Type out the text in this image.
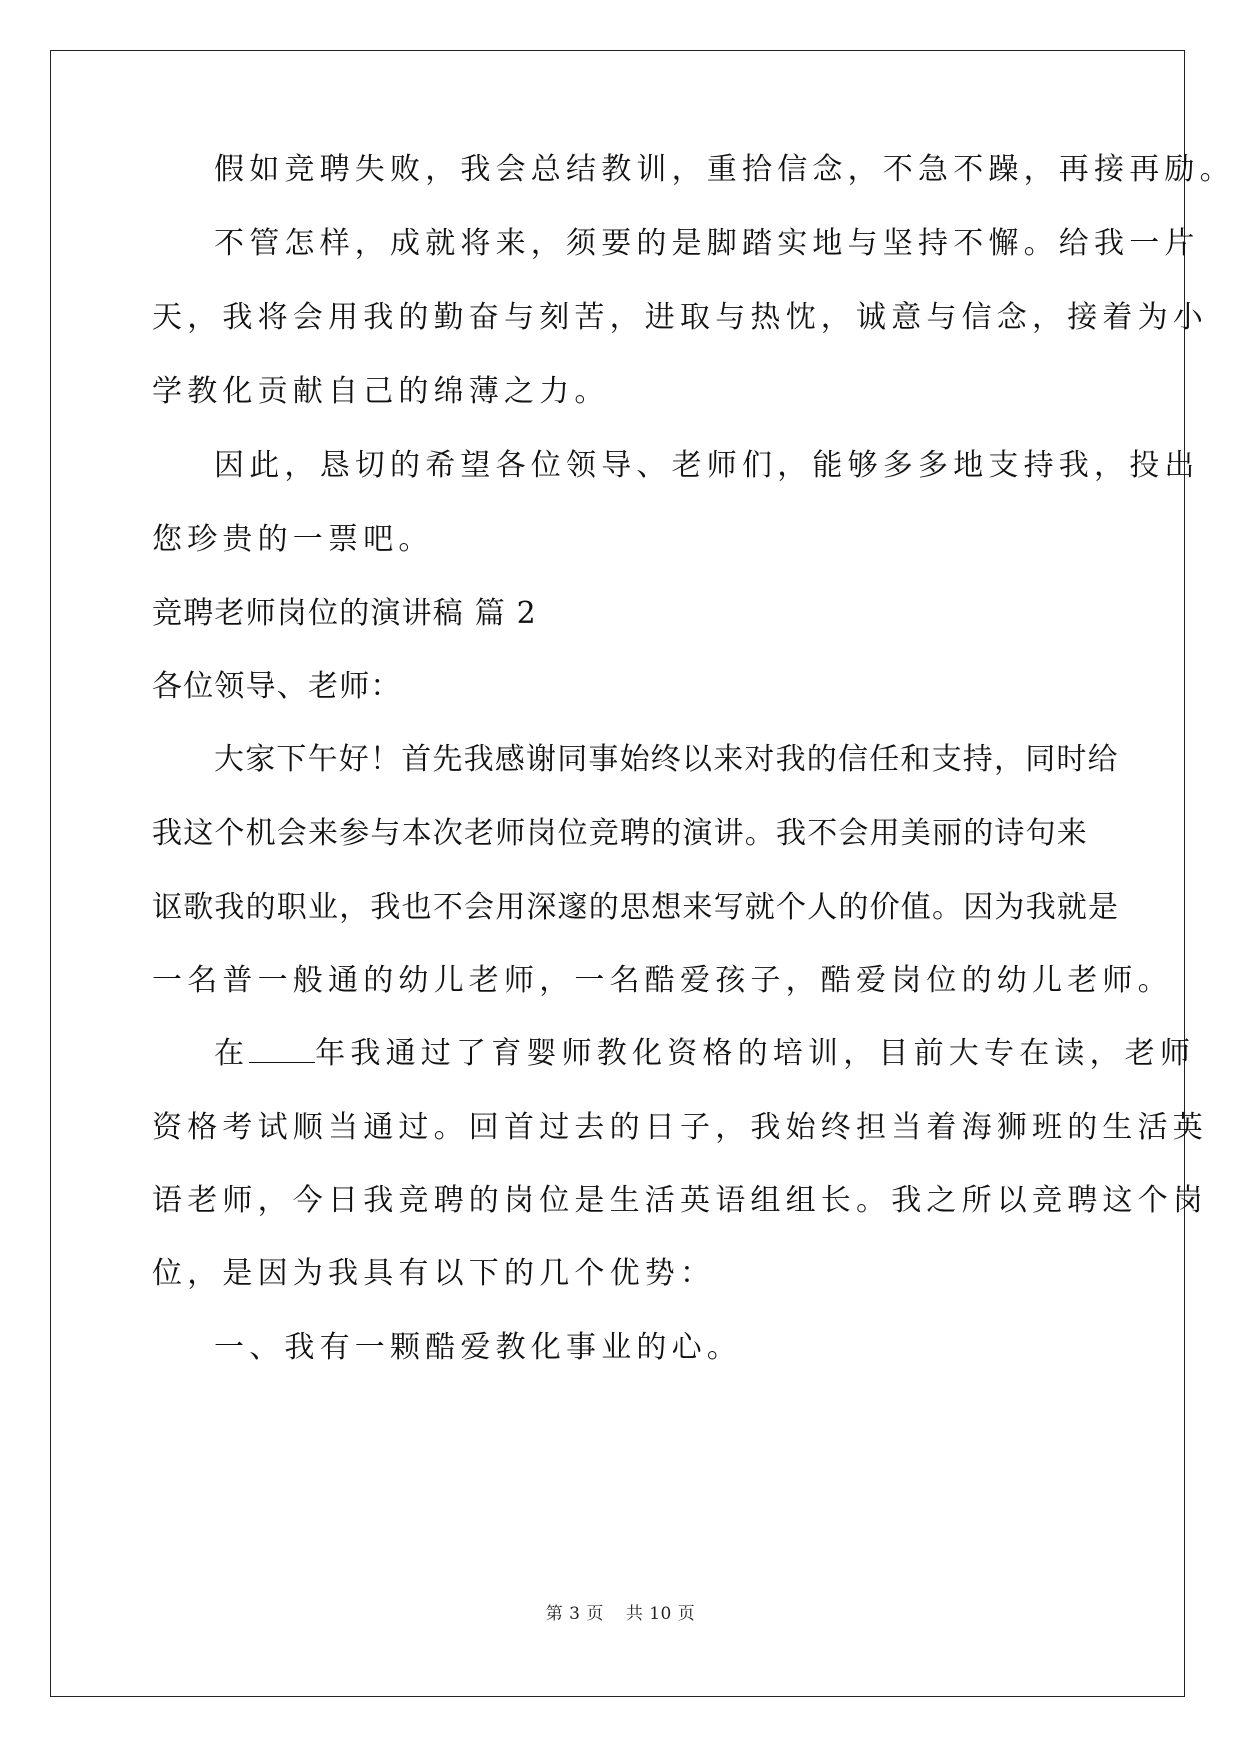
假如竞聘失败，我会总结教训，重拾信念，不急不躁，再接再励。
不管怎样，成就将来，须要的是脚踏实地与坚持不懈。给我一片
天，我将会用我的勤奋与刻苦，进取与热忱，诚意与信念，接着为小
学教化贡献自己的绵薄之力。
因此，恳切的希望各位领导、老师们，能够多多地支持我，投出
您珍贵的一票吧。
竞聘老师岗位的演讲稿 篇 2
各位领导、老师：
大家下午好！首先我感谢同事始终以来对我的信任和支持，同时给
我这个机会来参与本次老师岗位竞聘的演讲。我不会用美丽的诗句来
讴歌我的职业，我也不会用深邃的思想来写就个人的价值。因为我就是
一名普一般通的幼儿老师，一名酷爱孩子，酷爱岗位的幼儿老师。
在 年我通过了育婴师教化资格的培训，目前大专在读，老师
资格考试顺当通过。回首过去的日子，我始终担当着海狮班的生活英
语老师，今日我竞聘的岗位是生活英语组组长。我之所以竞聘这个岗
位，是因为我具有以下的几个优势：
一、我有一颗酷爱教化事业的心。
第 3 页 共 10 页
